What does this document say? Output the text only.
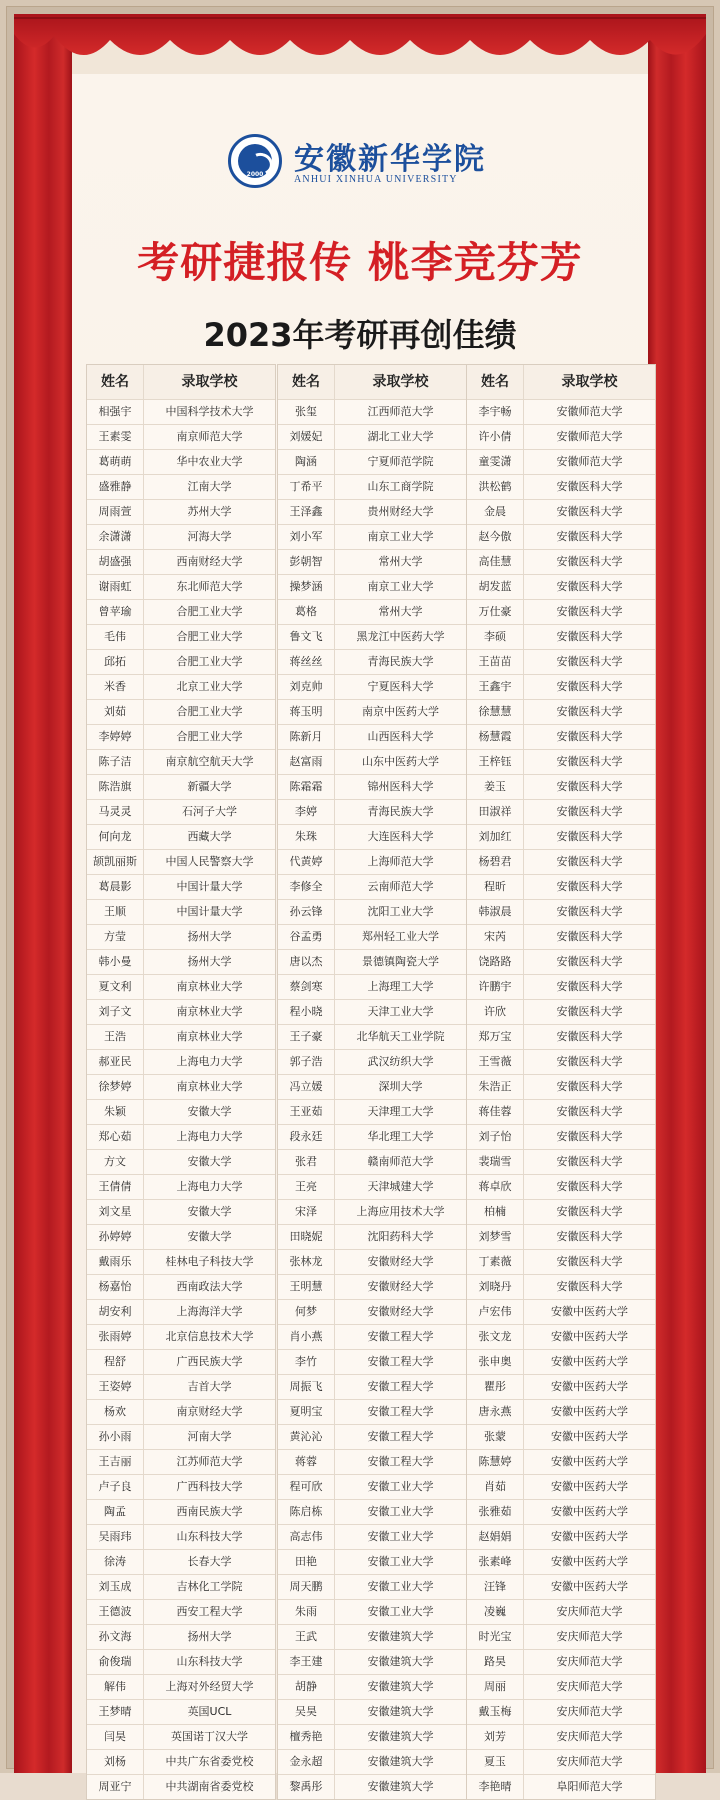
2000	安徽新华学院
ANHUI XINHUA UNIVERSITY
考研捷报传 桃李竞芬芳
2023年考研再创佳绩
姓名	录取学校
相强宇	中国科学技术大学
王素雯	南京师范大学
葛萌萌	华中农业大学
盛雅静	江南大学
周雨萱	苏州大学
余潇潇	河海大学
胡盛强	西南财经大学
谢雨虹	东北师范大学
曾苹瑜	合肥工业大学
毛伟	合肥工业大学
邱拓	合肥工业大学
米香	北京工业大学
刘茹	合肥工业大学
李婷婷	合肥工业大学
陈子洁	南京航空航天大学
陈浩旗	新疆大学
马灵灵	石河子大学
何向龙	西藏大学
颉凯丽斯	中国人民警察大学
葛晨影	中国计量大学
王顺	中国计量大学
方莹	扬州大学
韩小曼	扬州大学
夏文利	南京林业大学
刘子文	南京林业大学
王浩	南京林业大学
郝亚民	上海电力大学
徐梦婷	南京林业大学
朱颖	安徽大学
郑心茹	上海电力大学
方文	安徽大学
王倩倩	上海电力大学
刘文星	安徽大学
孙婷婷	安徽大学
戴雨乐	桂林电子科技大学
杨嘉怡	西南政法大学
胡安利	上海海洋大学
张雨婷	北京信息技术大学
程舒	广西民族大学
王姿婷	吉首大学
杨欢	南京财经大学
孙小雨	河南大学
王吉丽	江苏师范大学
卢子良	广西科技大学
陶孟	西南民族大学
吴雨玮	山东科技大学
徐涛	长春大学
刘玉成	吉林化工学院
王德波	西安工程大学
孙文海	扬州大学
俞俊瑞	山东科技大学
解伟	上海对外经贸大学
王梦晴	英国UCL
闫昊	英国诺丁汉大学
刘杨	中共广东省委党校
周亚宁	中共湖南省委党校
姓名	录取学校
张玺	江西师范大学
刘媛妃	湖北工业大学
陶涵	宁夏师范学院
丁希平	山东工商学院
王泽鑫	贵州财经大学
刘小军	南京工业大学
彭朝智	常州大学
操梦涵	南京工业大学
葛格	常州大学
鲁文飞	黑龙江中医药大学
蒋丝丝	青海民族大学
刘克帅	宁夏医科大学
蒋玉明	南京中医药大学
陈新月	山西医科大学
赵富雨	山东中医药大学
陈霜霜	锦州医科大学
李婷	青海民族大学
朱珠	大连医科大学
代黄婷	上海师范大学
李修全	云南师范大学
孙云锋	沈阳工业大学
谷孟勇	郑州轻工业大学
唐以杰	景德镇陶瓷大学
蔡剑寒	上海理工大学
程小晓	天津工业大学
王子豪	北华航天工业学院
郭子浩	武汉纺织大学
冯立媛	深圳大学
王亚茹	天津理工大学
段永廷	华北理工大学
张君	赣南师范大学
王亮	天津城建大学
宋泽	上海应用技术大学
田晓妮	沈阳药科大学
张林龙	安徽财经大学
王明慧	安徽财经大学
何梦	安徽财经大学
肖小燕	安徽工程大学
李竹	安徽工程大学
周振飞	安徽工程大学
夏明宝	安徽工程大学
黄沁沁	安徽工程大学
蒋蓉	安徽工程大学
程可欣	安徽工业大学
陈启栋	安徽工业大学
高志伟	安徽工业大学
田艳	安徽工业大学
周天鹏	安徽工业大学
朱雨	安徽工业大学
王武	安徽建筑大学
李王建	安徽建筑大学
胡静	安徽建筑大学
吴昊	安徽建筑大学
檀秀艳	安徽建筑大学
金永超	安徽建筑大学
黎禹彤	安徽建筑大学
姓名	录取学校
李宇畅	安徽师范大学
许小倩	安徽师范大学
童雯潇	安徽师范大学
洪松鹤	安徽医科大学
金晨	安徽医科大学
赵今傲	安徽医科大学
高佳慧	安徽医科大学
胡发蓝	安徽医科大学
万仕豪	安徽医科大学
李硕	安徽医科大学
王苗苗	安徽医科大学
王鑫宇	安徽医科大学
徐慧慧	安徽医科大学
杨慧霞	安徽医科大学
王梓钰	安徽医科大学
姜玉	安徽医科大学
田淑祥	安徽医科大学
刘加红	安徽医科大学
杨碧君	安徽医科大学
程昕	安徽医科大学
韩淑晨	安徽医科大学
宋芮	安徽医科大学
饶路路	安徽医科大学
许鹏宇	安徽医科大学
许欣	安徽医科大学
郑万宝	安徽医科大学
王雪薇	安徽医科大学
朱浩正	安徽医科大学
蒋佳蓉	安徽医科大学
刘子怡	安徽医科大学
裴瑞雪	安徽医科大学
蒋卓欣	安徽医科大学
柏楠	安徽医科大学
刘梦雪	安徽医科大学
丁素薇	安徽医科大学
刘晓丹	安徽医科大学
卢宏伟	安徽中医药大学
张文龙	安徽中医药大学
张申奥	安徽中医药大学
瞿彤	安徽中医药大学
唐永燕	安徽中医药大学
张蒙	安徽中医药大学
陈慧婷	安徽中医药大学
肖茹	安徽中医药大学
张雅茹	安徽中医药大学
赵娟娟	安徽中医药大学
张素峰	安徽中医药大学
汪锋	安徽中医药大学
凌巍	安庆师范大学
时光宝	安庆师范大学
路昊	安庆师范大学
周丽	安庆师范大学
戴玉梅	安庆师范大学
刘芳	安庆师范大学
夏玉	安庆师范大学
李艳晴	阜阳师范大学
